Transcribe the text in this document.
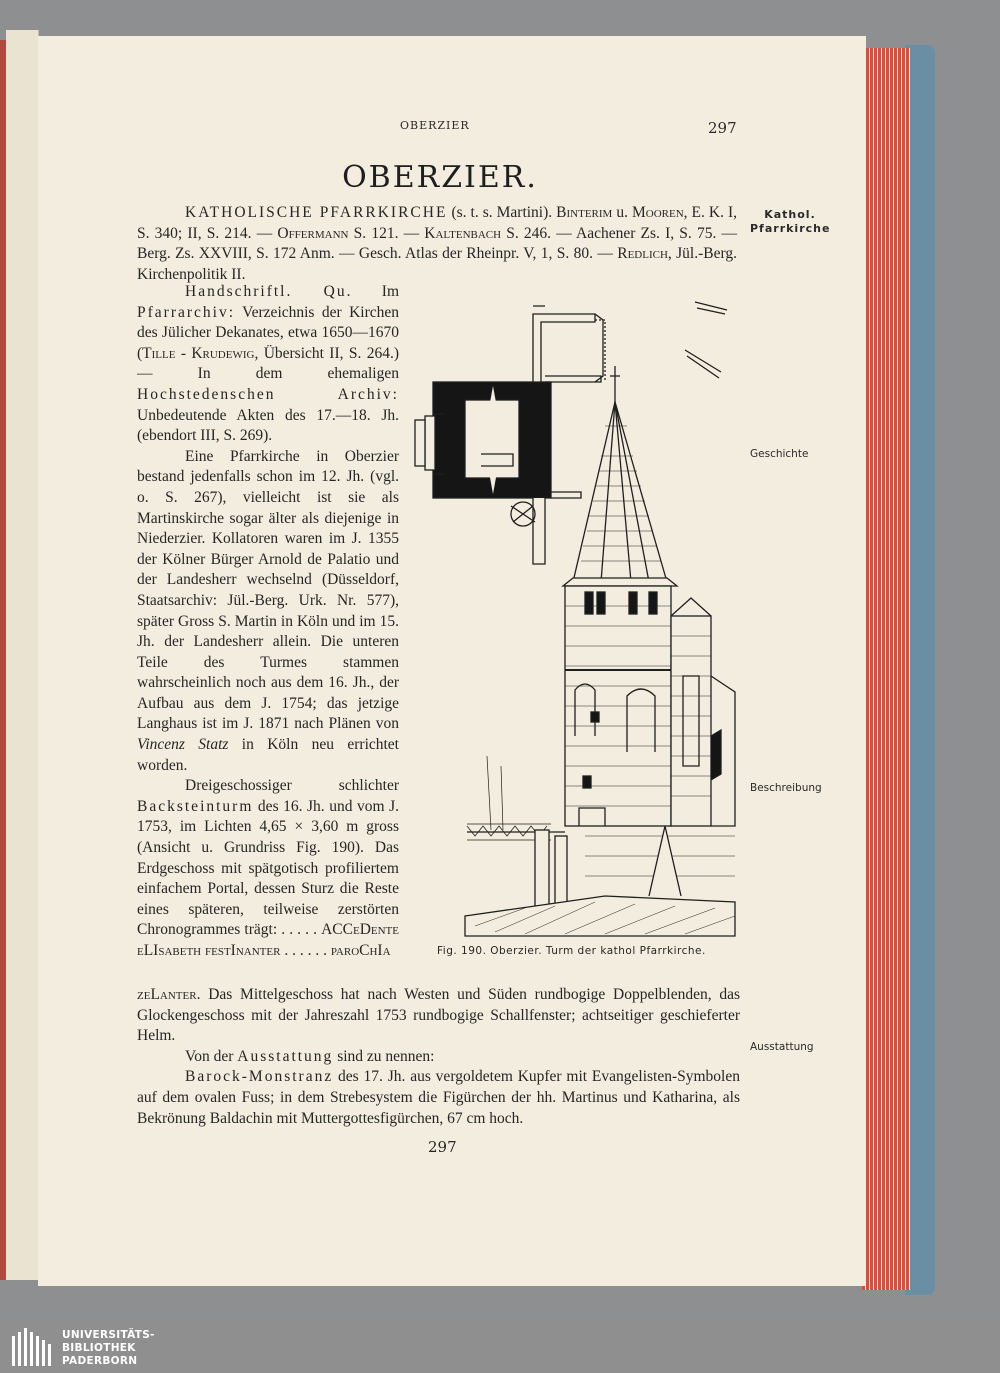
OBERZIER	297
OBERZIER.
Kathol.
Pfarrkirche
Geschichte
Beschreibung
Ausstattung

KATHOLISCHE PFARRKIRCHE (s. t. s. Martini). Binterim u. Mooren, E. K. I, S. 340; II, S. 214. — Offermann S. 121. — Kaltenbach S. 246. — Aachener Zs. I, S. 75. — Berg. Zs. XXVIII, S. 172 Anm. — Gesch. Atlas der Rheinpr. V, 1, S. 80. — Redlich, Jül.-Berg. Kirchenpolitik II.

Handschriftl. Qu. Im Pfarrarchiv: Verzeichnis der Kirchen des Jülicher Dekanates, etwa 1650—1670 (Tille - Krudewig, Übersicht II, S. 264.) — In dem ehemaligen Hochstedenschen Archiv: Unbedeutende Akten des 17.—18. Jh. (ebendort III, S. 269).

Eine Pfarrkirche in Oberzier bestand jedenfalls schon im 12. Jh. (vgl. o. S. 267), vielleicht ist sie als Martinskirche sogar älter als diejenige in Niederzier. Kollatoren waren im J. 1355 der Kölner Bürger Arnold de Palatio und der Landesherr wechselnd (Düsseldorf, Staatsarchiv: Jül.-Berg. Urk. Nr. 577), später Gross S. Martin in Köln und im 15. Jh. der Landesherr allein. Die unteren Teile des Turmes stammen wahrscheinlich noch aus dem 16. Jh., der Aufbau aus dem J. 1754; das jetzige Langhaus ist im J. 1871 nach Plänen von Vincenz Statz in Köln neu errichtet worden.

Dreigeschossiger schlichter Backsteinturm des 16. Jh. und vom J. 1753, im Lichten 4,65 × 3,60 m gross (Ansicht u. Grundriss Fig. 190). Das Erdgeschoss mit spätgotisch profiliertem einfachem Portal, dessen Sturz die Reste eines späteren, teilweise zerstörten Chronogrammes trägt: . . . . . ACCeDente eLIsabeth festInanter . . . . . . paroChIa

zeLanter. Das Mittelgeschoss hat nach Westen und Süden rundbogige Doppelblenden, das Glockengeschoss mit der Jahreszahl 1753 rundbogige Schallfenster; achtseitiger geschieferter Helm.

Von der Ausstattung sind zu nennen:

Barock-Monstranz des 17. Jh. aus vergoldetem Kupfer mit Evangelisten-Symbolen auf dem ovalen Fuss; in dem Strebesystem die Figürchen der hh. Martinus und Katharina, als Bekrönung Baldachin mit Muttergottesfigürchen, 67 cm hoch.

Fig. 190. Oberzier. Turm der kathol Pfarrkirche.
297
UNIVERSITÄTS-
BIBLIOTHEK
PADERBORN
